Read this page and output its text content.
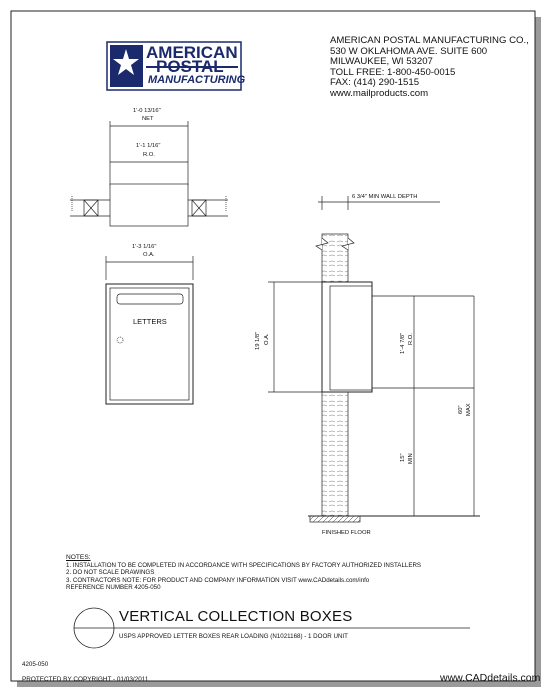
AMERICAN
POSTAL
MANUFACTURING
AMERICAN POSTAL MANUFACTURING CO.,
530 W OKLAHOMA AVE. SUITE 600
MILWAUKEE, WI 53207
TOLL FREE: 1-800-450-0015
FAX: (414) 290-1515
www.mailproducts.com
1'-0 13/16"
NET
1'-1 1/16"
R.O.
1'-3 1/16"
O.A.
LETTERS
6 3/4" MIN WALL DEPTH
19 1/8" O.A.	1'-4 7/8" R.O.
15" MIN
60" MAX
FINISHED FLOOR
NOTES:
1. INSTALLATION TO BE COMPLETED IN ACCORDANCE WITH SPECIFICATIONS BY FACTORY AUTHORIZED INSTALLERS
2. DO NOT SCALE DRAWINGS
3. CONTRACTORS NOTE: FOR PRODUCT AND COMPANY INFORMATION VISIT www.CADdetails.com/info
REFERENCE NUMBER 4205-050
VERTICAL COLLECTION BOXES
USPS APPROVED LETTER BOXES REAR LOADING (N1021168) - 1 DOOR UNIT
4205-050
PROTECTED BY COPYRIGHT - 01/03/2011	www.CADdetails.com
